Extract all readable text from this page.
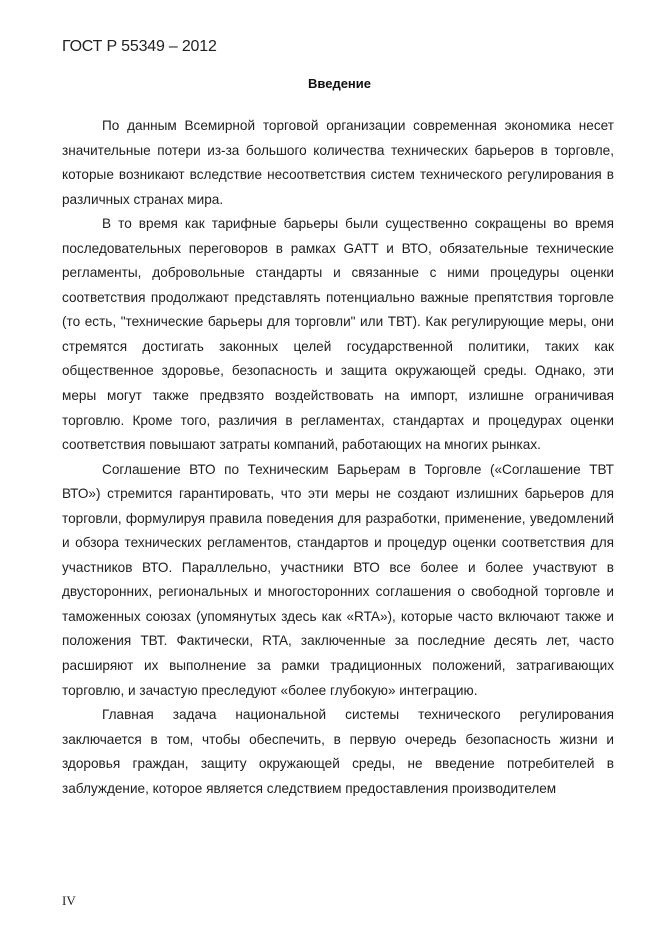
ГОСТ Р 55349 – 2012
Введение

По данным Всемирной торговой организации современная экономика несет значительные потери из-за большого количества технических барьеров в торговле, которые возникают вследствие несоответствия систем технического регулирования в различных странах мира.

В то время как тарифные барьеры были существенно сокращены во время последовательных переговоров в рамках GATT и ВТО, обязательные технические регламенты, добровольные стандарты и связанные с ними процедуры оценки соответствия продолжают представлять потенциально важные препятствия торговле (то есть, "технические барьеры для торговли" или ТВТ). Как регулирующие меры, они стремятся достигать законных целей государственной политики, таких как общественное здоровье, безопасность и защита окружающей среды. Однако, эти меры могут также предвзято воздействовать на импорт, излишне ограничивая торговлю. Кроме того, различия в регламентах, стандартах и процедурах оценки соответствия повышают затраты компаний, работающих на многих рынках.

Cоглашение ВТО по Техническим Барьерам в Торговле («Cоглашение ТВТ ВТО») стремится гарантировать, что эти меры не создают излишних барьеров для торговли, формулируя правила поведения для разработки, применение, уведомлений и обзора технических регламентов, стандартов и процедур оценки соответствия для участников ВТО. Параллельно, участники ВТО все более и более участвуют в двусторонних, региональных и многосторонних соглашения о свободной торговле и таможенных союзах (упомянутых здесь как «RTA»), которые часто включают также и положения ТВТ. Фактически, RTA, заключенные за последние десять лет, часто расширяют их выполнение за рамки традиционных положений, затрагивающих торговлю, и зачастую преследуют «более глубокую» интеграцию.

Главная задача национальной системы технического регулирования заключается в том, чтобы обеспечить, в первую очередь безопасность жизни и здоровья граждан, защиту окружающей среды, не введение потребителей в заблуждение, которое является следствием предоставления производителем

IV
